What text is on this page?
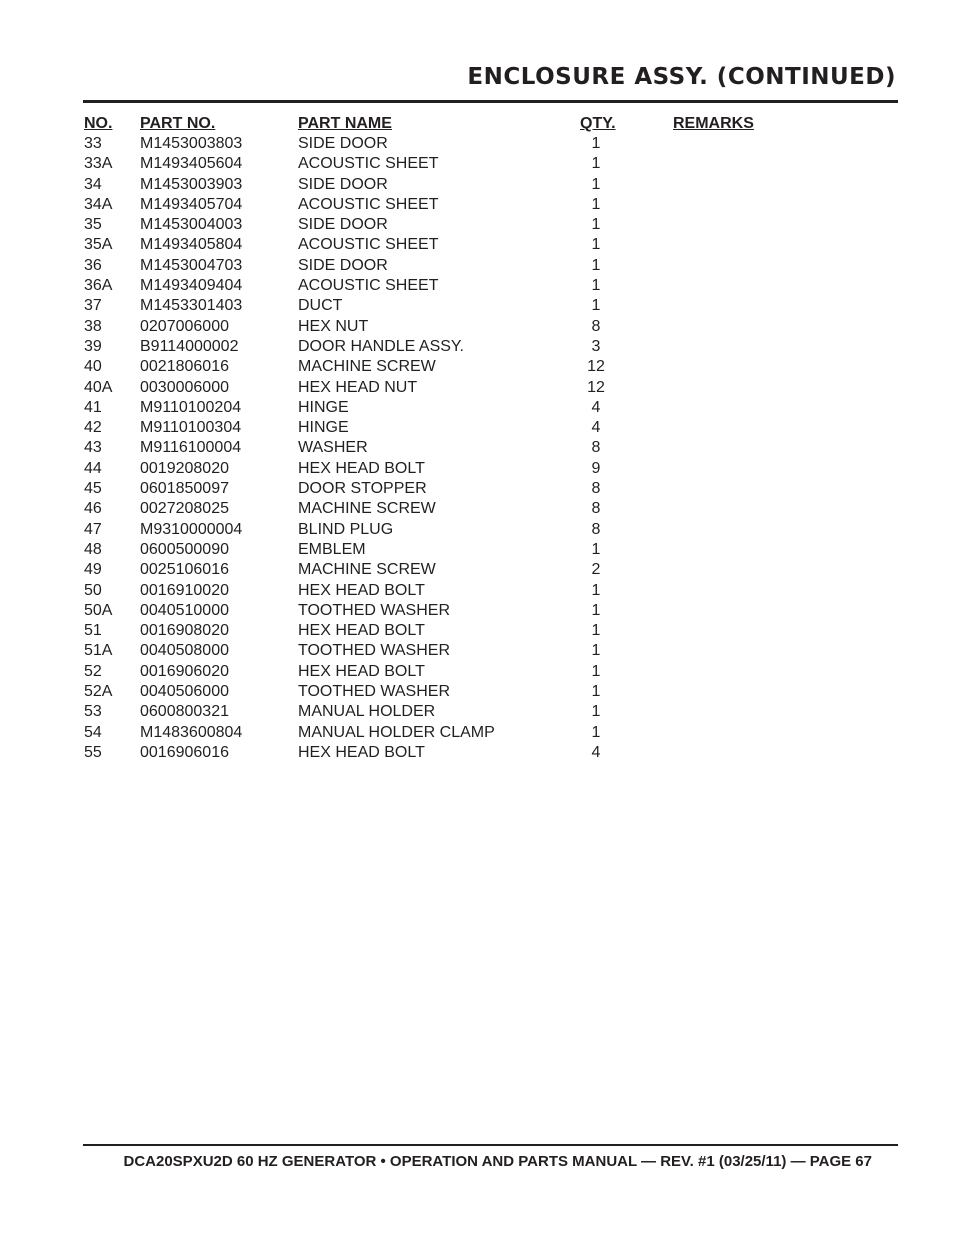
ENCLOSURE ASSY. (CONTINUED)
NO. PART NO.	PART NAME	QTY.	REMARKS
33 M1453003803	SIDE DOOR	1
33A M1493405604	ACOUSTIC SHEET	1
34 M1453003903	SIDE DOOR	1
34A M1493405704	ACOUSTIC SHEET	1
35 M1453004003	SIDE DOOR	1
35A M1493405804	ACOUSTIC SHEET	1
36 M1453004703	SIDE DOOR	1
36A M1493409404	ACOUSTIC SHEET	1
37 M1453301403	DUCT	1
38 0207006000	HEX NUT	8
39 B9114000002	DOOR HANDLE ASSY.	3
40 0021806016	MACHINE SCREW	12
40A 0030006000	HEX HEAD NUT	12
41 M9110100204	HINGE	4
42 M9110100304	HINGE	4
43 M9116100004	WASHER	8
44 0019208020	HEX HEAD BOLT	9
45 0601850097	DOOR STOPPER	8
46 0027208025	MACHINE SCREW	8
47 M9310000004	BLIND PLUG	8
48 0600500090	EMBLEM	1
49 0025106016	MACHINE SCREW	2
50 0016910020	HEX HEAD BOLT	1
50A 0040510000	TOOTHED WASHER	1
51 0016908020	HEX HEAD BOLT	1
51A 0040508000	TOOTHED WASHER	1
52 0016906020	HEX HEAD BOLT	1
52A 0040506000	TOOTHED WASHER	1
53 0600800321	MANUAL HOLDER	1
54 M1483600804	MANUAL HOLDER CLAMP	1
55 0016906016	HEX HEAD BOLT	4
DCA20SPXU2D 60 HZ GENERATOR • OPERATION AND PARTS MANUAL — REV. #1 (03/25/11) — PAGE 67
